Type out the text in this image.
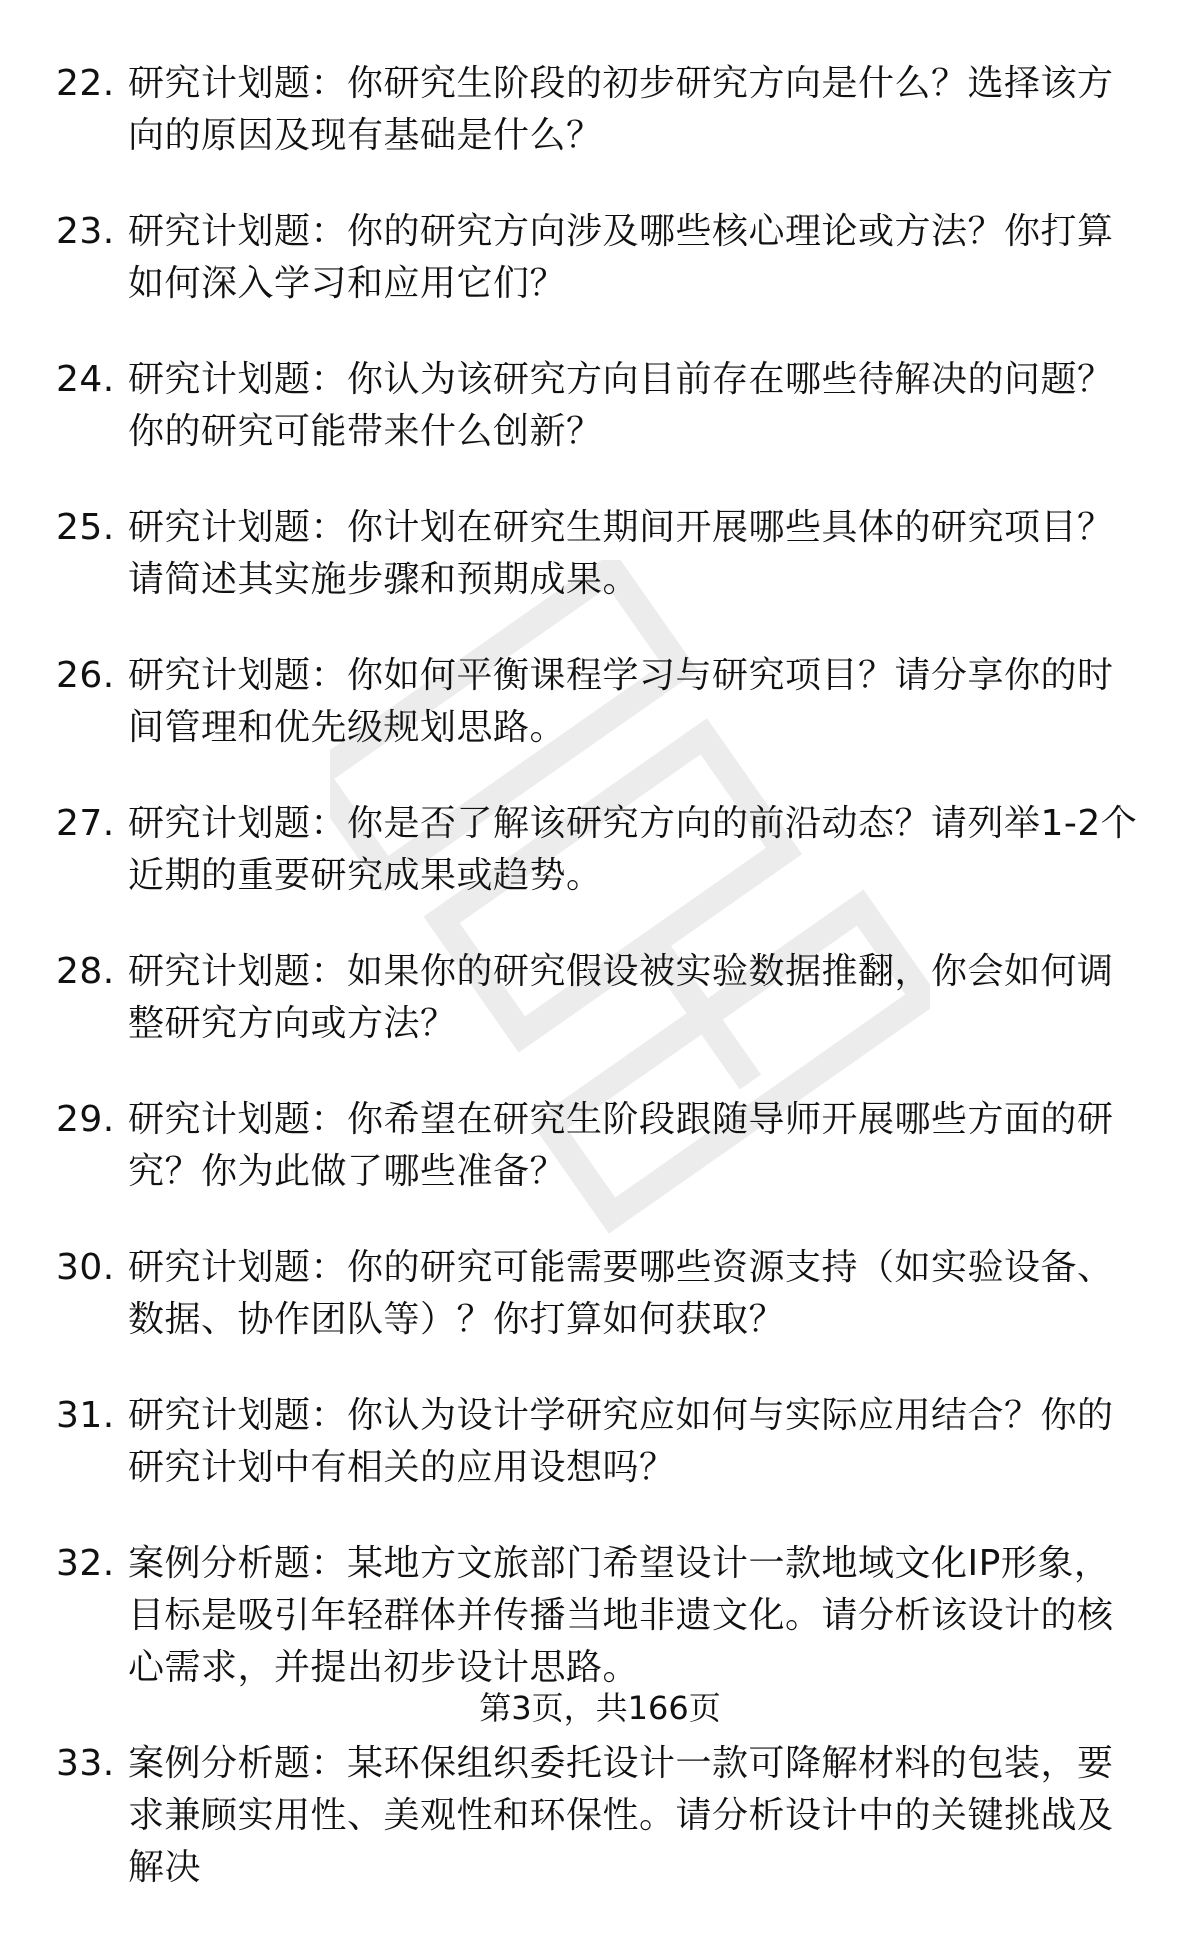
22. 研究计划题：你研究生阶段的初步研究方向是什么？选择该方向的原因及现有基础是什么？
23. 研究计划题：你的研究方向涉及哪些核心理论或方法？你打算如何深入学习和应用它们？
24. 研究计划题：你认为该研究方向目前存在哪些待解决的问题？你的研究可能带来什么创新？
25. 研究计划题：你计划在研究生期间开展哪些具体的研究项目？请简述其实施步骤和预期成果。
26. 研究计划题：你如何平衡课程学习与研究项目？请分享你的时间管理和优先级规划思路。
27. 研究计划题：你是否了解该研究方向的前沿动态？请列举1-2个近期的重要研究成果或趋势。
28. 研究计划题：如果你的研究假设被实验数据推翻，你会如何调整研究方向或方法？
29. 研究计划题：你希望在研究生阶段跟随导师开展哪些方面的研究？你为此做了哪些准备？
30. 研究计划题：你的研究可能需要哪些资源支持（如实验设备、数据、协作团队等）？你打算如何获取？
31. 研究计划题：你认为设计学研究应如何与实际应用结合？你的研究计划中有相关的应用设想吗？
32. 案例分析题：某地方文旅部门希望设计一款地域文化IP形象，目标是吸引年轻群体并传播当地非遗文化。请分析该设计的核心需求，并提出初步设计思路。
33. 案例分析题：某环保组织委托设计一款可降解材料的包装，要求兼顾实用性、美观性和环保性。请分析设计中的关键挑战及解决
第3页，共166页
